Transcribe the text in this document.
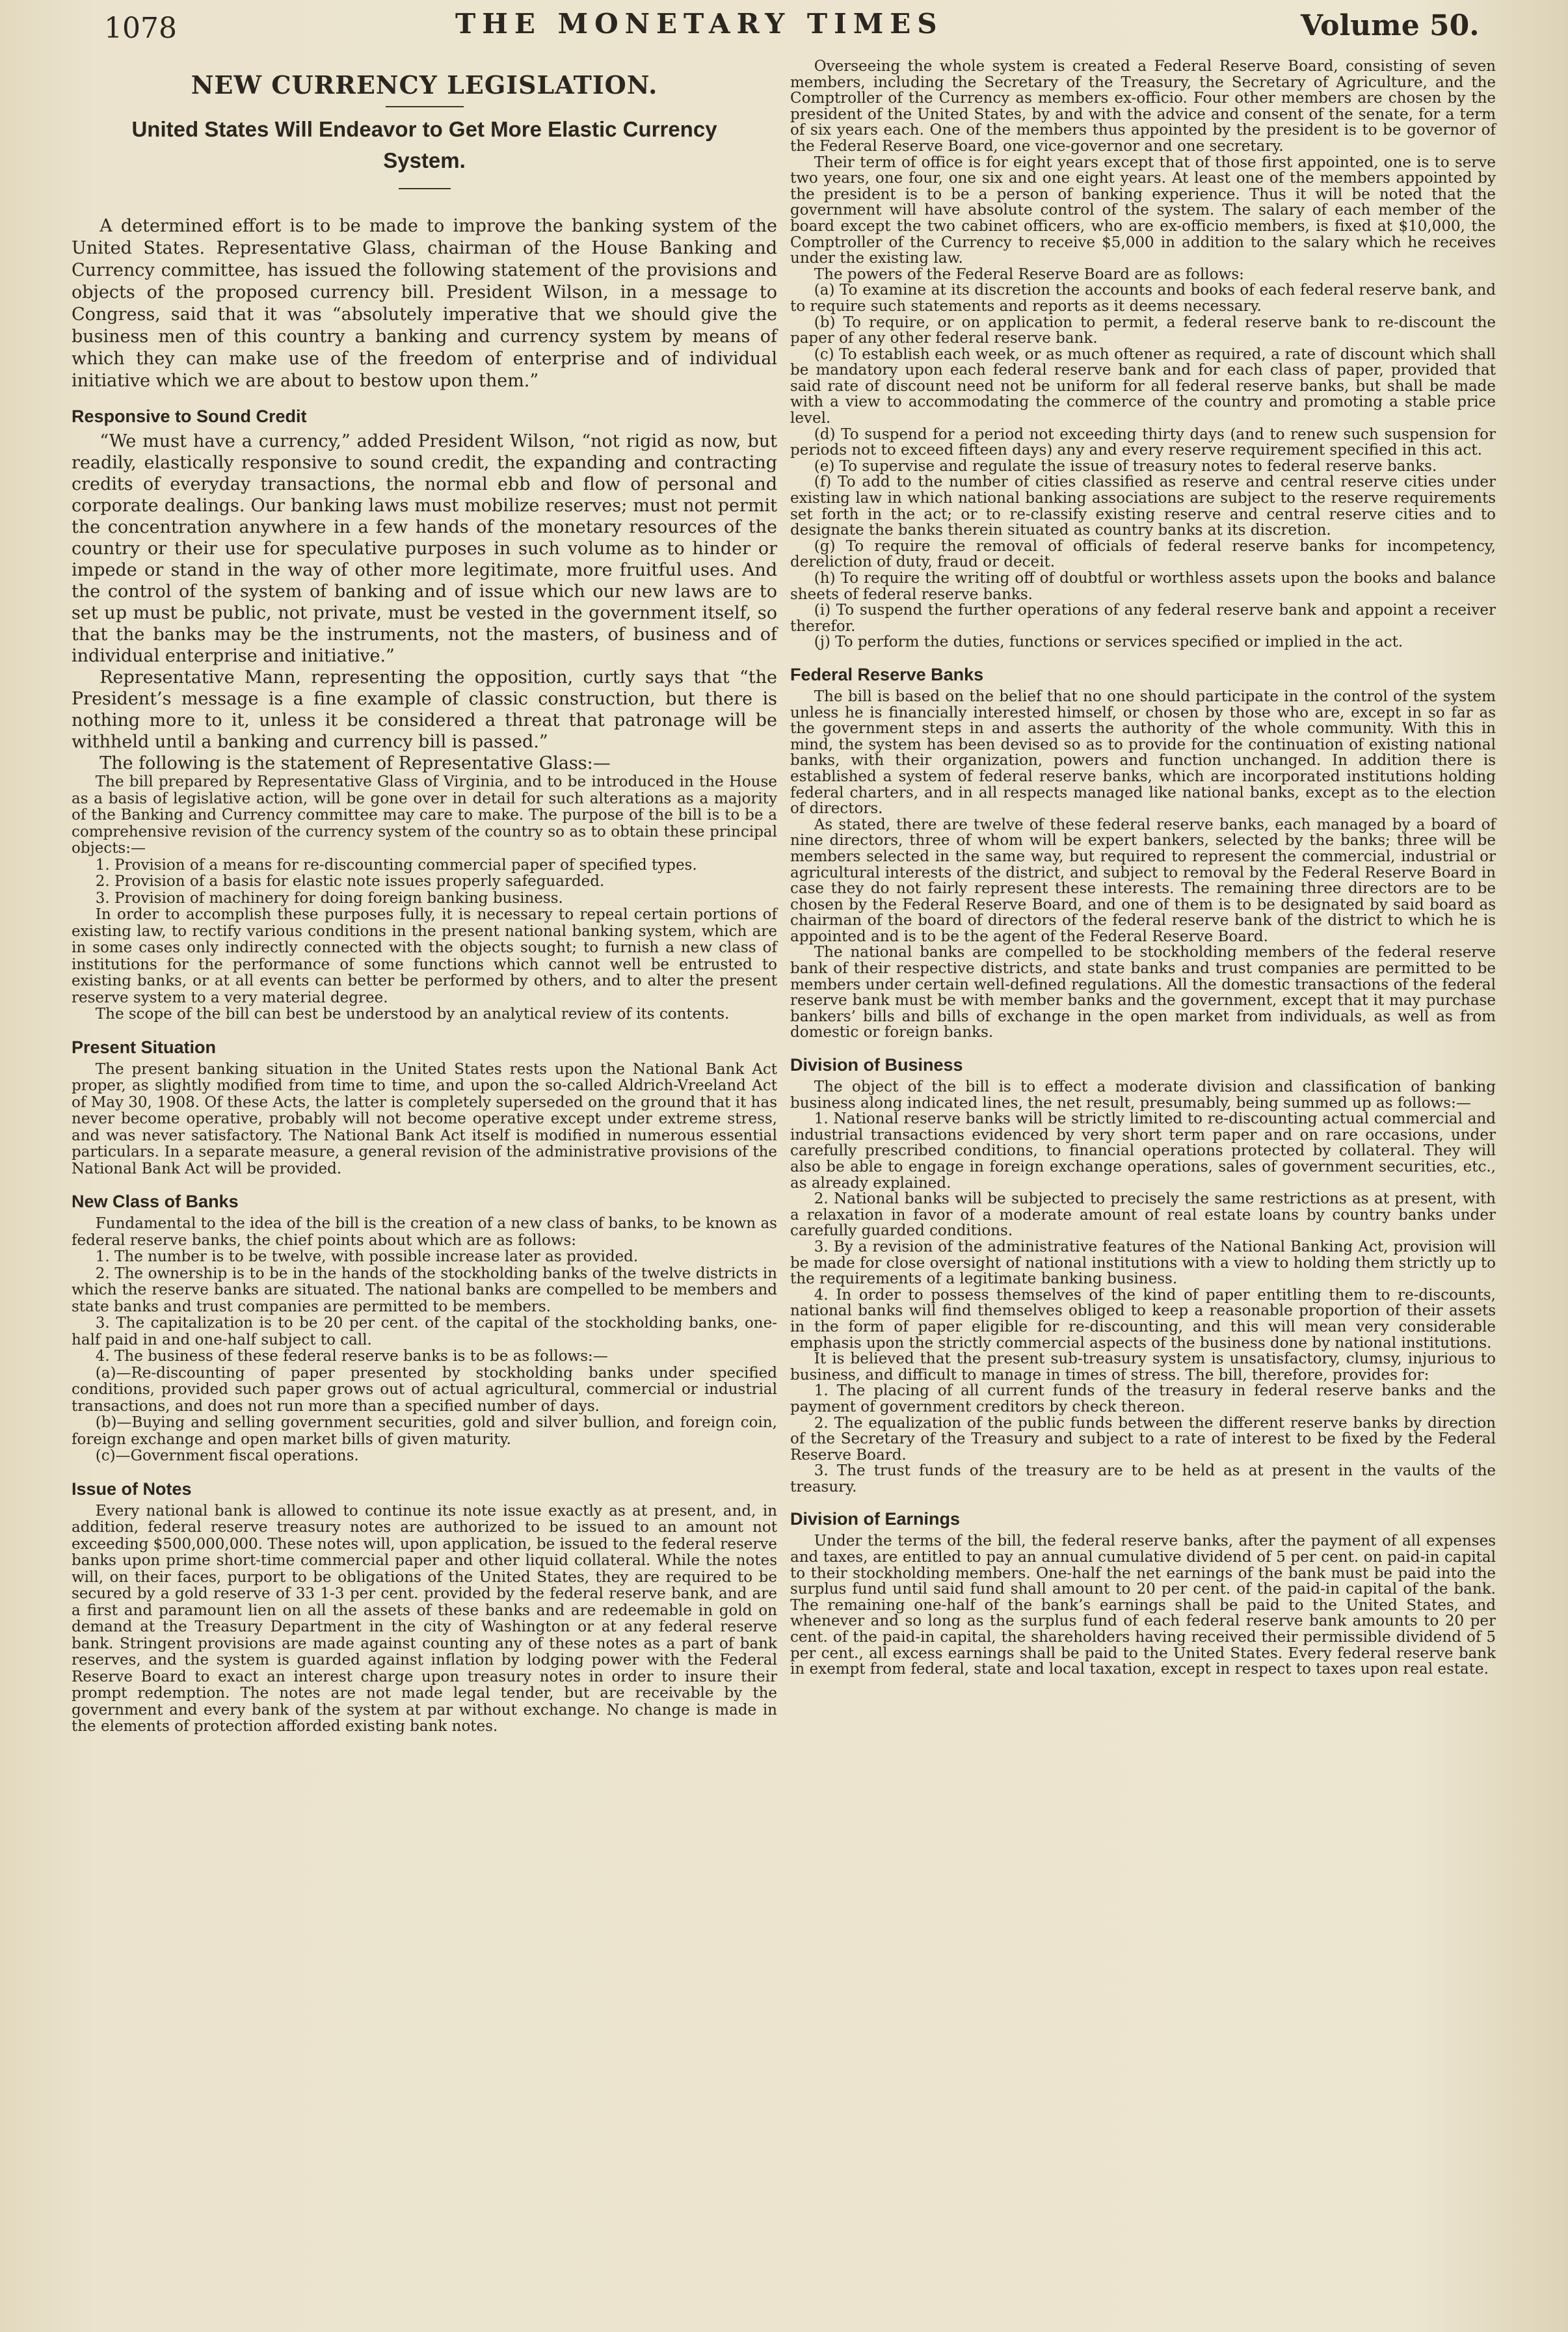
1078	THE MONETARY TIMES	Volume 50.
NEW CURRENCY LEGISLATION.
United States Will Endeavor to Get More Elastic Currency System.

A determined effort is to be made to improve the banking system of the United States. Representative Glass, chairman of the House Banking and Currency committee, has issued the following statement of the provisions and objects of the proposed currency bill. President Wilson, in a message to Congress, said that it was “absolutely imperative that we should give the business men of this country a banking and currency system by means of which they can make use of the freedom of enterprise and of individual initiative which we are about to bestow upon them.”

Responsive to Sound Credit

“We must have a currency,” added President Wilson, “not rigid as now, but readily, elastically responsive to sound credit, the expanding and contracting credits of everyday transactions, the normal ebb and flow of personal and corporate dealings. Our banking laws must mobilize reserves; must not permit the concentration anywhere in a few hands of the monetary resources of the country or their use for speculative purposes in such volume as to hinder or impede or stand in the way of other more legitimate, more fruitful uses. And the control of the system of banking and of issue which our new laws are to set up must be public, not private, must be vested in the government itself, so that the banks may be the instruments, not the masters, of business and of individual enterprise and initiative.”

Representative Mann, representing the opposition, curtly says that “the President’s message is a fine example of classic construction, but there is nothing more to it, unless it be considered a threat that patronage will be withheld until a banking and currency bill is passed.”

The following is the statement of Representative Glass:—

The bill prepared by Representative Glass of Virginia, and to be introduced in the House as a basis of legislative action, will be gone over in detail for such alterations as a majority of the Banking and Currency committee may care to make. The purpose of the bill is to be a comprehensive revision of the currency system of the country so as to obtain these principal objects:—

1. Provision of a means for re-discounting commercial paper of specified types.

2. Provision of a basis for elastic note issues properly safeguarded.

3. Provision of machinery for doing foreign banking business.

In order to accomplish these purposes fully, it is necessary to repeal certain portions of existing law, to rectify various conditions in the present national banking system, which are in some cases only indirectly connected with the objects sought; to furnish a new class of institutions for the performance of some functions which cannot well be entrusted to existing banks, or at all events can better be performed by others, and to alter the present reserve system to a very material degree.

The scope of the bill can best be understood by an analytical review of its contents.

Present Situation

The present banking situation in the United States rests upon the National Bank Act proper, as slightly modified from time to time, and upon the so-called Aldrich-Vreeland Act of May 30, 1908. Of these Acts, the latter is completely superseded on the ground that it has never become operative, probably will not become operative except under extreme stress, and was never satisfactory. The National Bank Act itself is modified in numerous essential particulars. In a separate measure, a general revision of the administrative provisions of the National Bank Act will be provided.

New Class of Banks

Fundamental to the idea of the bill is the creation of a new class of banks, to be known as federal reserve banks, the chief points about which are as follows:

1. The number is to be twelve, with possible increase later as provided.

2. The ownership is to be in the hands of the stockholding banks of the twelve districts in which the reserve banks are situated. The national banks are compelled to be members and state banks and trust companies are permitted to be members.

3. The capitalization is to be 20 per cent. of the capital of the stockholding banks, one-half paid in and one-half subject to call.

4. The business of these federal reserve banks is to be as follows:—

(a)—Re-discounting of paper presented by stockholding banks under specified conditions, provided such paper grows out of actual agricultural, commercial or industrial transactions, and does not run more than a specified number of days.

(b)—Buying and selling government securities, gold and silver bullion, and foreign coin, foreign exchange and open market bills of given maturity.

(c)—Government fiscal operations.

Issue of Notes

Every national bank is allowed to continue its note issue exactly as at present, and, in addition, federal reserve treasury notes are authorized to be issued to an amount not exceeding $500,000,000. These notes will, upon application, be issued to the federal reserve banks upon prime short-time commercial paper and other liquid collateral. While the notes will, on their faces, purport to be obligations of the United States, they are required to be secured by a gold reserve of 33 1-3 per cent. provided by the federal reserve bank, and are a first and paramount lien on all the assets of these banks and are redeemable in gold on demand at the Treasury Department in the city of Washington or at any federal reserve bank. Stringent provisions are made against counting any of these notes as a part of bank reserves, and the system is guarded against inflation by lodging power with the Federal Reserve Board to exact an interest charge upon treasury notes in order to insure their prompt redemption. The notes are not made legal tender, but are receivable by the government and every bank of the system at par without exchange. No change is made in the elements of protection afforded existing bank notes.

Overseeing the whole system is created a Federal Reserve Board, consisting of seven members, including the Secretary of the Treasury, the Secretary of Agriculture, and the Comptroller of the Currency as members ex-officio. Four other members are chosen by the president of the United States, by and with the advice and consent of the senate, for a term of six years each. One of the members thus appointed by the president is to be governor of the Federal Reserve Board, one vice-governor and one secretary.

Their term of office is for eight years except that of those first appointed, one is to serve two years, one four, one six and one eight years. At least one of the members appointed by the president is to be a person of banking experience. Thus it will be noted that the government will have absolute control of the system. The salary of each member of the board except the two cabinet officers, who are ex-officio members, is fixed at $10,000, the Comptroller of the Currency to receive $5,000 in addition to the salary which he receives under the existing law.

The powers of the Federal Reserve Board are as follows:

(a) To examine at its discretion the accounts and books of each federal reserve bank, and to require such statements and reports as it deems necessary.

(b) To require, or on application to permit, a federal reserve bank to re-discount the paper of any other federal reserve bank.

(c) To establish each week, or as much oftener as required, a rate of discount which shall be mandatory upon each federal reserve bank and for each class of paper, provided that said rate of discount need not be uniform for all federal reserve banks, but shall be made with a view to accommodating the commerce of the country and promoting a stable price level.

(d) To suspend for a period not exceeding thirty days (and to renew such suspension for periods not to exceed fifteen days) any and every reserve requirement specified in this act.

(e) To supervise and regulate the issue of treasury notes to federal reserve banks.

(f) To add to the number of cities classified as reserve and central reserve cities under existing law in which national banking associations are subject to the reserve requirements set forth in the act; or to re-classify existing reserve and central reserve cities and to designate the banks therein situated as country banks at its discretion.

(g) To require the removal of officials of federal reserve banks for incompetency, dereliction of duty, fraud or deceit.

(h) To require the writing off of doubtful or worthless assets upon the books and balance sheets of federal reserve banks.

(i) To suspend the further operations of any federal reserve bank and appoint a receiver therefor.

(j) To perform the duties, functions or services specified or implied in the act.

Federal Reserve Banks

The bill is based on the belief that no one should participate in the control of the system unless he is financially interested himself, or chosen by those who are, except in so far as the government steps in and asserts the authority of the whole community. With this in mind, the system has been devised so as to provide for the continuation of existing national banks, with their organization, powers and function unchanged. In addition there is established a system of federal reserve banks, which are incorporated institutions holding federal charters, and in all respects managed like national banks, except as to the election of directors.

As stated, there are twelve of these federal reserve banks, each managed by a board of nine directors, three of whom will be expert bankers, selected by the banks; three will be members selected in the same way, but required to represent the commercial, industrial or agricultural interests of the district, and subject to removal by the Federal Reserve Board in case they do not fairly represent these interests. The remaining three directors are to be chosen by the Federal Reserve Board, and one of them is to be designated by said board as chairman of the board of directors of the federal reserve bank of the district to which he is appointed and is to be the agent of the Federal Reserve Board.

The national banks are compelled to be stockholding members of the federal reserve bank of their respective districts, and state banks and trust companies are permitted to be members under certain well-defined regulations. All the domestic transactions of the federal reserve bank must be with member banks and the government, except that it may purchase bankers’ bills and bills of exchange in the open market from individuals, as well as from domestic or foreign banks.

Division of Business

The object of the bill is to effect a moderate division and classification of banking business along indicated lines, the net result, presumably, being summed up as follows:—

1. National reserve banks will be strictly limited to re-discounting actual commercial and industrial transactions evidenced by very short term paper and on rare occasions, under carefully prescribed conditions, to financial operations protected by collateral. They will also be able to engage in foreign exchange operations, sales of government securities, etc., as already explained.

2. National banks will be subjected to precisely the same restrictions as at present, with a relaxation in favor of a moderate amount of real estate loans by country banks under carefully guarded conditions.

3. By a revision of the administrative features of the National Banking Act, provision will be made for close oversight of national institutions with a view to holding them strictly up to the requirements of a legitimate banking business.

4. In order to possess themselves of the kind of paper entitling them to re-discounts, national banks will find themselves obliged to keep a reasonable proportion of their assets in the form of paper eligible for re-discounting, and this will mean very considerable emphasis upon the strictly commercial aspects of the business done by national institutions.

It is believed that the present sub-treasury system is unsatisfactory, clumsy, injurious to business, and difficult to manage in times of stress. The bill, therefore, provides for:

1. The placing of all current funds of the treasury in federal reserve banks and the payment of government creditors by check thereon.

2. The equalization of the public funds between the different reserve banks by direction of the Secretary of the Treasury and subject to a rate of interest to be fixed by the Federal Reserve Board.

3. The trust funds of the treasury are to be held as at present in the vaults of the treasury.

Division of Earnings

Under the terms of the bill, the federal reserve banks, after the payment of all expenses and taxes, are entitled to pay an annual cumulative dividend of 5 per cent. on paid-in capital to their stockholding members. One-half the net earnings of the bank must be paid into the surplus fund until said fund shall amount to 20 per cent. of the paid-in capital of the bank. The remaining one-half of the bank’s earnings shall be paid to the United States, and whenever and so long as the surplus fund of each federal reserve bank amounts to 20 per cent. of the paid-in capital, the shareholders having received their permissible dividend of 5 per cent., all excess earnings shall be paid to the United States. Every federal reserve bank in exempt from federal, state and local taxation, except in respect to taxes upon real estate.
